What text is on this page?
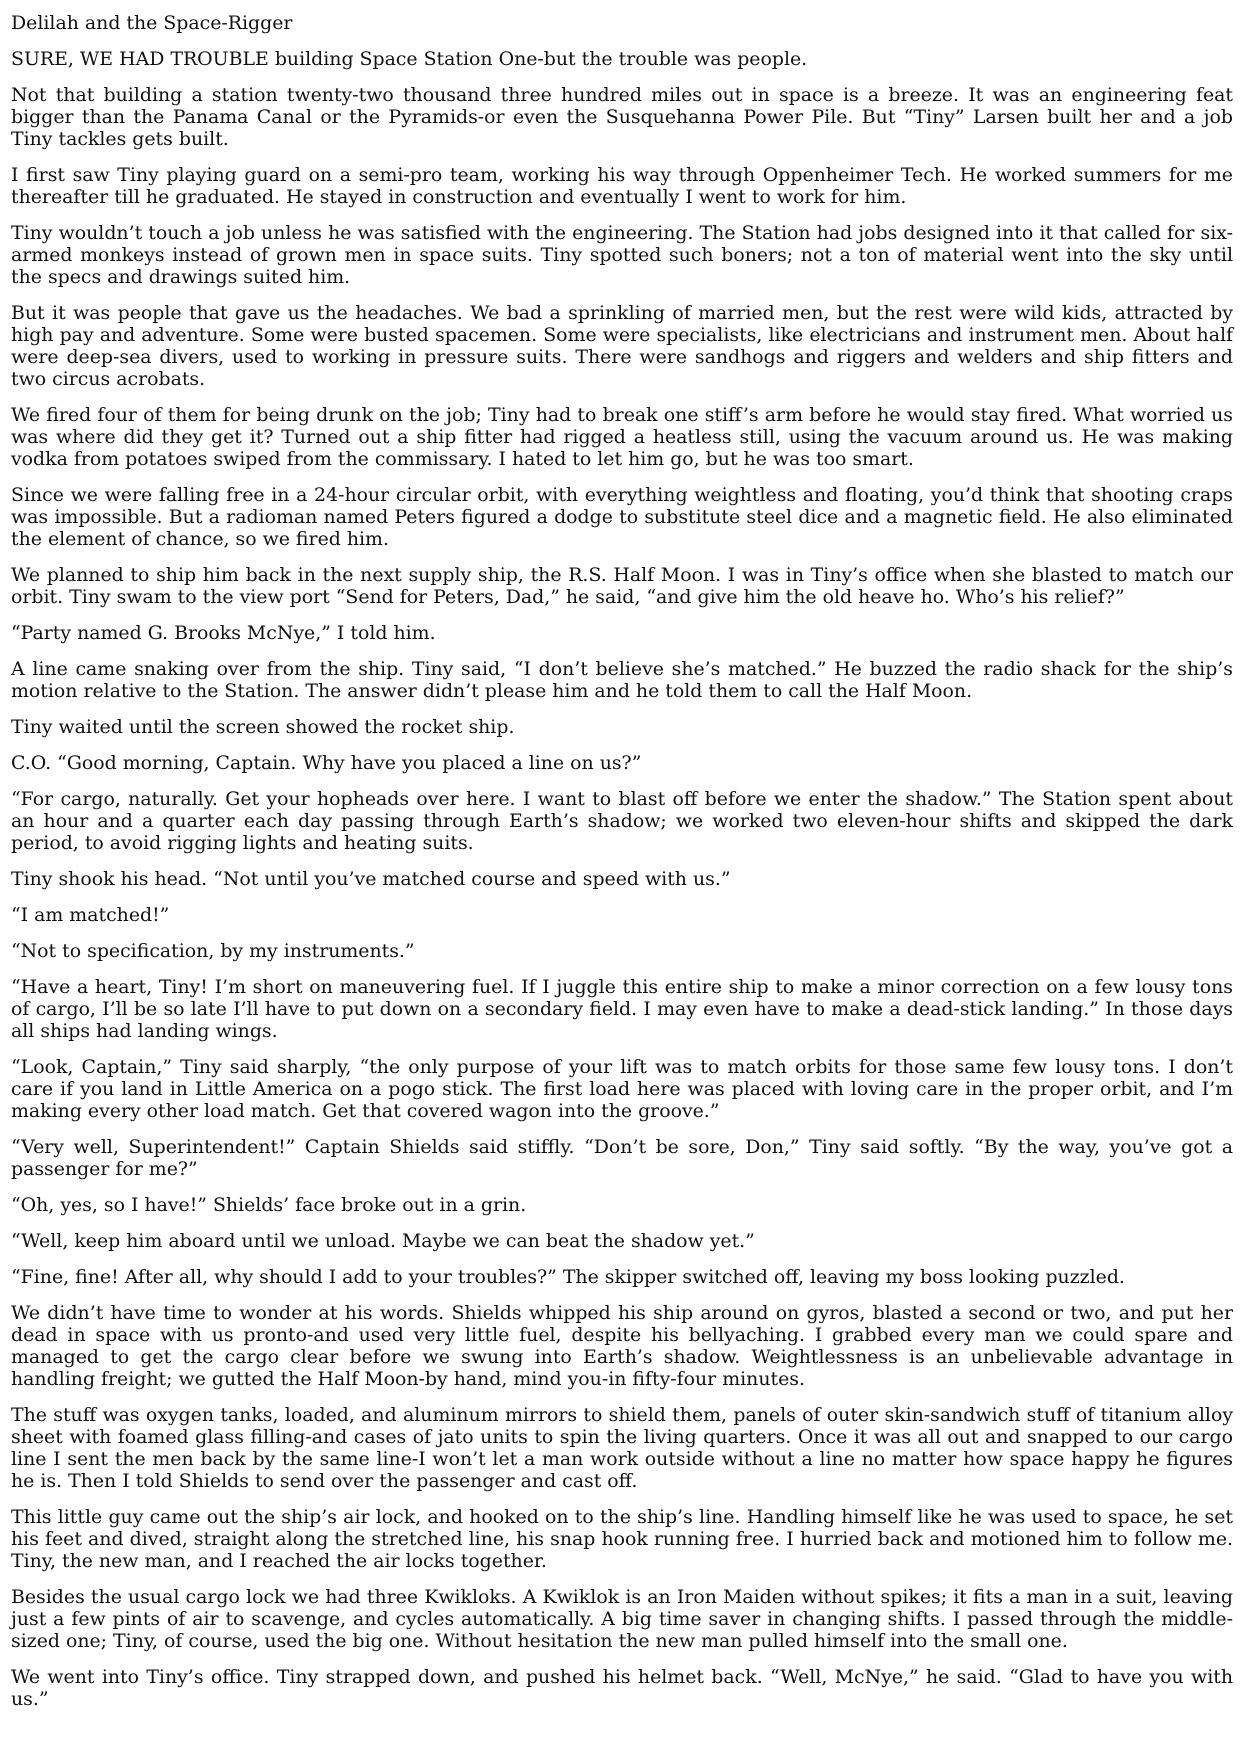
Delilah and the Space-Rigger

SURE, WE HAD TROUBLE building Space Station One-but the trouble was people.

Not that building a station twenty-two thousand three hundred miles out in space is a breeze. It was an engineering feat bigger than the Panama Canal or the Pyramids-or even the Susquehanna Power Pile. But “Tiny” Larsen built her and a job Tiny tackles gets built.

I first saw Tiny playing guard on a semi-pro team, working his way through Oppenheimer Tech. He worked summers for me thereafter till he graduated. He stayed in construction and eventually I went to work for him.

Tiny wouldn’t touch a job unless he was satisfied with the engineering. The Station had jobs designed into it that called for six-armed monkeys instead of grown men in space suits. Tiny spotted such boners; not a ton of material went into the sky until the specs and drawings suited him.

But it was people that gave us the headaches. We bad a sprinkling of married men, but the rest were wild kids, attracted by high pay and adventure. Some were busted spacemen. Some were specialists, like electricians and instrument men. About half were deep-sea divers, used to working in pressure suits. There were sandhogs and riggers and welders and ship fitters and two circus acrobats.

We fired four of them for being drunk on the job; Tiny had to break one stiff’s arm before he would stay fired. What worried us was where did they get it? Turned out a ship fitter had rigged a heatless still, using the vacuum around us. He was making vodka from potatoes swiped from the commissary. I hated to let him go, but he was too smart.

Since we were falling free in a 24-hour circular orbit, with everything weightless and floating, you’d think that shooting craps was impossible. But a radioman named Peters figured a dodge to substitute steel dice and a magnetic field. He also eliminated the element of chance, so we fired him.

We planned to ship him back in the next supply ship, the R.S. Half Moon. I was in Tiny’s office when she blasted to match our orbit. Tiny swam to the view port “Send for Peters, Dad,” he said, “and give him the old heave ho. Who’s his relief?”

“Party named G. Brooks McNye,” I told him.

A line came snaking over from the ship. Tiny said, “I don’t believe she’s matched.” He buzzed the radio shack for the ship’s motion relative to the Station. The answer didn’t please him and he told them to call the Half Moon.

Tiny waited until the screen showed the rocket ship.

C.O. “Good morning, Captain. Why have you placed a line on us?”

“For cargo, naturally. Get your hopheads over here. I want to blast off before we enter the shadow.” The Station spent about an hour and a quarter each day passing through Earth’s shadow; we worked two eleven-hour shifts and skipped the dark period, to avoid rigging lights and heating suits.

Tiny shook his head. “Not until you’ve matched course and speed with us.”

“I am matched!”

“Not to specification, by my instruments.”

“Have a heart, Tiny! I’m short on maneuvering fuel. If I juggle this entire ship to make a minor correction on a few lousy tons of cargo, I’ll be so late I’ll have to put down on a secondary field. I may even have to make a dead-stick landing.” In those days all ships had landing wings.

“Look, Captain,” Tiny said sharply, “the only purpose of your lift was to match orbits for those same few lousy tons. I don’t care if you land in Little America on a pogo stick. The first load here was placed with loving care in the proper orbit, and I’m making every other load match. Get that covered wagon into the groove.”

“Very well, Superintendent!” Captain Shields said stiffly. “Don’t be sore, Don,” Tiny said softly. “By the way, you’ve got a passenger for me?”

“Oh, yes, so I have!” Shields’ face broke out in a grin.

“Well, keep him aboard until we unload. Maybe we can beat the shadow yet.”

“Fine, fine! After all, why should I add to your troubles?” The skipper switched off, leaving my boss looking puzzled.

We didn’t have time to wonder at his words. Shields whipped his ship around on gyros, blasted a second or two, and put her dead in space with us pronto-and used very little fuel, despite his bellyaching. I grabbed every man we could spare and managed to get the cargo clear before we swung into Earth’s shadow. Weightlessness is an unbelievable advantage in handling freight; we gutted the Half Moon-by hand, mind you-in fifty-four minutes.

The stuff was oxygen tanks, loaded, and aluminum mirrors to shield them, panels of outer skin-sandwich stuff of titanium alloy sheet with foamed glass filling-and cases of jato units to spin the living quarters. Once it was all out and snapped to our cargo line I sent the men back by the same line-I won’t let a man work outside without a line no matter how space happy he figures he is. Then I told Shields to send over the passenger and cast off.

This little guy came out the ship’s air lock, and hooked on to the ship’s line. Handling himself like he was used to space, he set his feet and dived, straight along the stretched line, his snap hook running free. I hurried back and motioned him to follow me. Tiny, the new man, and I reached the air locks together.

Besides the usual cargo lock we had three Kwikloks. A Kwiklok is an Iron Maiden without spikes; it fits a man in a suit, leaving just a few pints of air to scavenge, and cycles automatically. A big time saver in changing shifts. I passed through the middle-sized one; Tiny, of course, used the big one. Without hesitation the new man pulled himself into the small one.

We went into Tiny’s office. Tiny strapped down, and pushed his helmet back. “Well, McNye,” he said. “Glad to have you with us.”
